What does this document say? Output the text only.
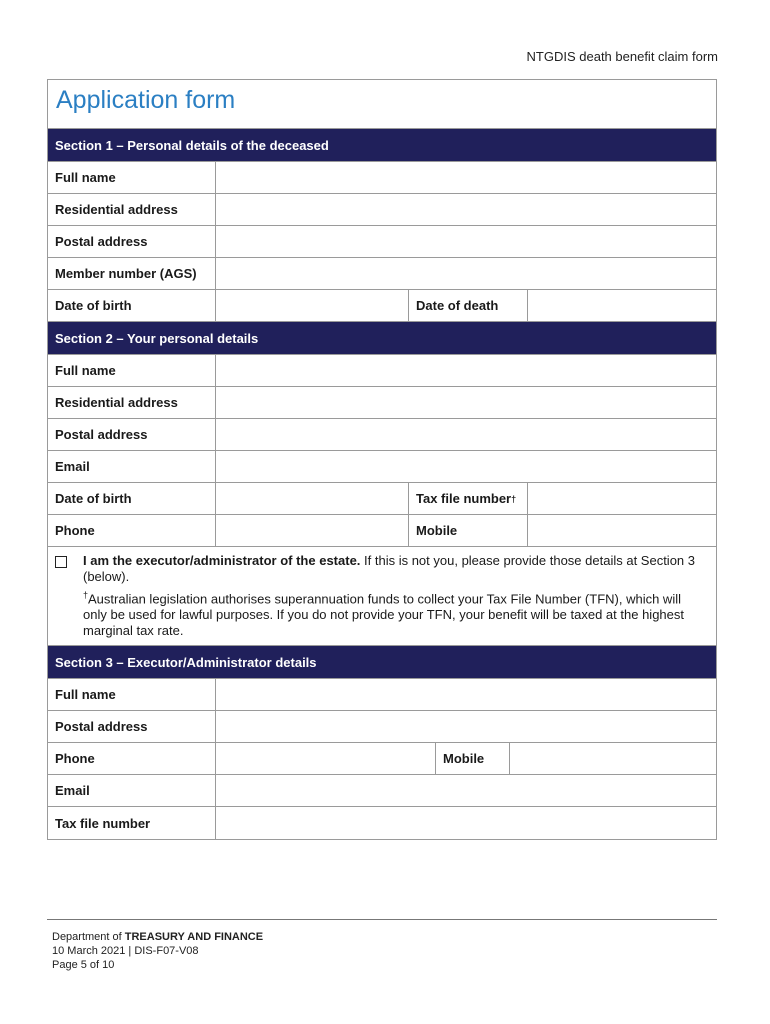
NTGDIS death benefit claim form
Application form
Section 1 – Personal details of the deceased
Full name
Residential address
Postal address
Member number (AGS)
Date of birth	Date of death
Section 2 – Your personal details
Full name
Residential address
Postal address
Email
Date of birth	Tax file number †
Phone	Mobile
I am the executor/administrator of the estate. If this is not you, please provide those details at Section 3 (below).
†Australian legislation authorises superannuation funds to collect your Tax File Number (TFN), which will only be used for lawful purposes. If you do not provide your TFN, your benefit will be taxed at the highest marginal tax rate.
Section 3 – Executor/Administrator details
Full name
Postal address
Phone	Mobile
Email
Tax file number
Department of TREASURY AND FINANCE
10 March 2021 | DIS-F07-V08
Page 5 of 10
